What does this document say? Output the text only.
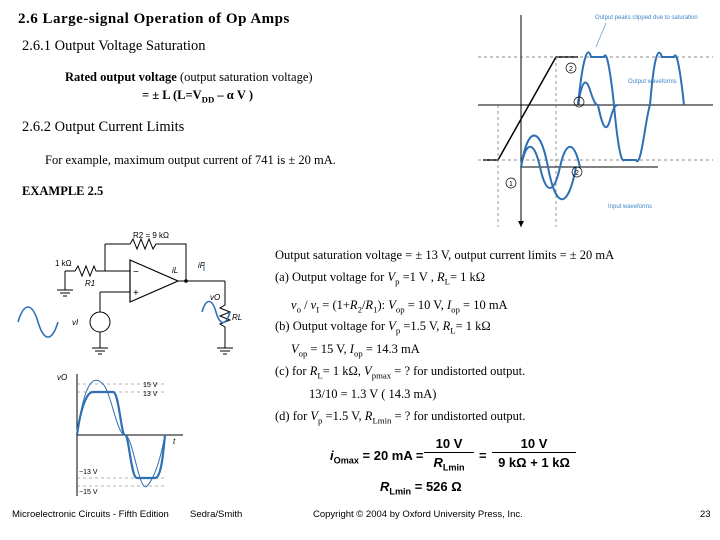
2.6 Large-signal Operation of Op Amps
2.6.1 Output Voltage Saturation
Rated output voltage (output saturation voltage)
= ± L ($L=V_{DD} - \alpha$ V )
2.6.2 Output Current Limits
For example, maximum output current of 741 is ± 20 mA.
EXAMPLE 2.5
Output saturation voltage = ± 13 V, output current limits = ± 20 mA
(a) Output voltage for $V_p =1$ V , $R_L= 1$ kΩ
$v_o / v_I = (1+R_2/R_1)$: $V_{op} = 10$ V, $I_{op} = 10$ mA
(b) Output voltage for $V_p =1.5$ V, $R_L= 1$ kΩ
$V_{op} = 15$ V, $I_{op} = 14.3$ mA
(c) for $R_L= 1$ kΩ, $V_{pmax}$ = ? for undistorted output.
13/10 = 1.3 V ( 14.3 mA)
(d) for $V_p =1.5$ V, $R_{Lmin}$ = ? for undistorted output.
$i_{Omax} = 20$ mA =
10 V
$R_{Lmin}$
=
10 V
9 kΩ + 1 kΩ
$R_{Lmin} = 526$ Ω
2
1
1
2
Output peaks clipped due to saturation
Output waveforms
Input waveforms
R2 = 9 kΩ
1 kΩ
R1
−
+
iL
iF
RL
vO
vI
vO
t
15 V
13 V
−13 V
−15 V
Microelectronic Circuits - Fifth Edition Sedra/Smith	Copyright © 2004 by Oxford University Press, Inc.	23
